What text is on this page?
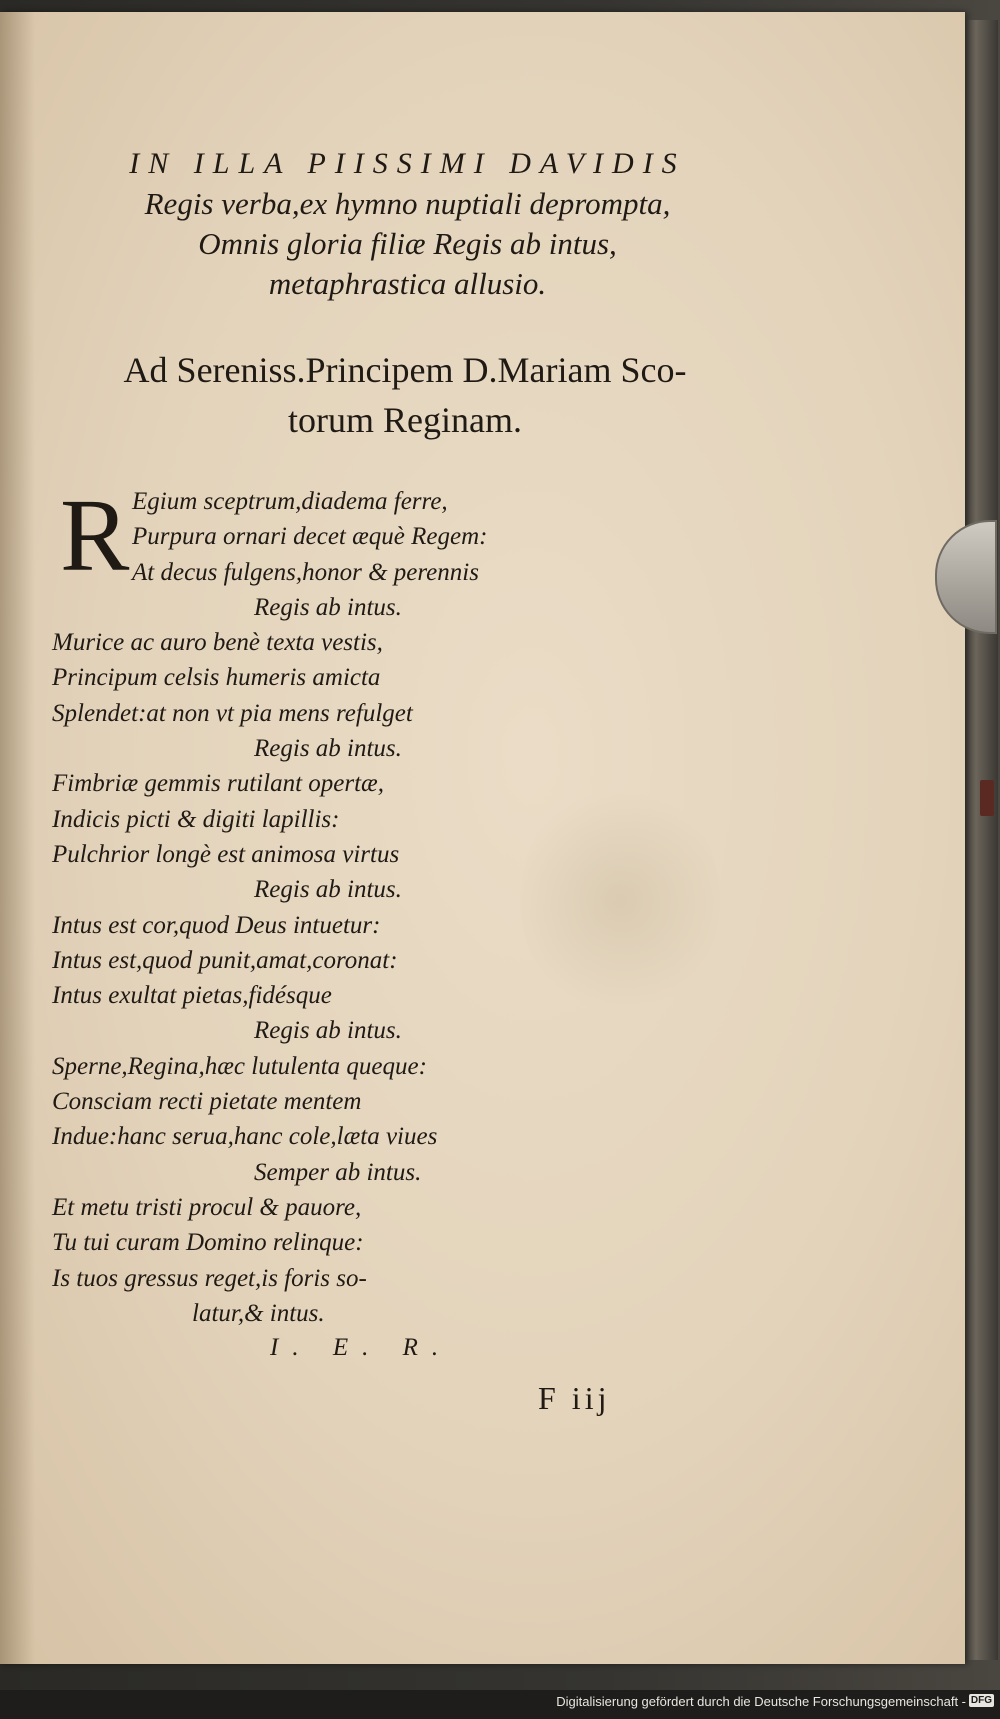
IN ILLA PIISSIMI DAVIDIS
Regis verba,ex hymno nuptiali deprompta,
Omnis gloria filiæ Regis ab intus,
metaphrastica allusio.
Ad Sereniss.Principem D.Mariam Sco-
torum Reginam.
R Egium sceptrum,diadema ferre,
Purpura ornari decet æquè Regem:
At decus fulgens,honor & perennis
Regis ab intus.
Murice ac auro benè texta vestis,
Principum celsis humeris amicta
Splendet:at non vt pia mens refulget
Regis ab intus.
Fimbriæ gemmis rutilant opertæ,
Indicis picti & digiti lapillis:
Pulchrior longè est animosa virtus
Regis ab intus.
Intus est cor,quod Deus intuetur:
Intus est,quod punit,amat,coronat:
Intus exultat pietas,fidésque
Regis ab intus.
Sperne,Regina,hæc lutulenta queque:
Consciam recti pietate mentem
Indue:hanc serua,hanc cole,læta viues
Semper ab intus.
Et metu tristi procul & pauore,
Tu tui curam Domino relinque:
Is tuos gressus reget,is foris so-
latur,& intus.
I. E. R.
F iij
Digitalisierung gefördert durch die Deutsche Forschungsgemeinschaft - DFG
